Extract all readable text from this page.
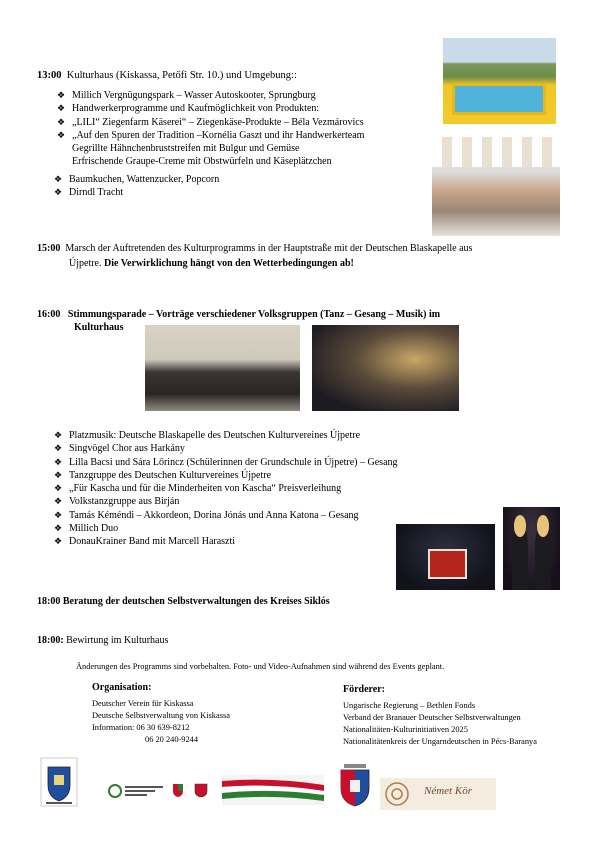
13:00 Kulturhaus (Kiskassa, Petőfi Str. 10.) und Umgebung::
❖ Millich Vergnügungspark – Wasser Autoskooter, Sprungburg
❖ Handwerkerprogramme und Kaufmöglichkeit von Produkten:
❖ „LILI“ Ziegenfarm Käserei“ – Ziegenkäse-Produkte – Béla Vezmárovics
❖ „Auf den Spuren der Tradition –Kornélia Gaszt und ihr Handwerkerteam
Gegrillte Hähnchenbruststreifen mit Bulgur und Gemüse
Erfrischende Graupe-Creme mit Obstwürfeln und Käseplätzchen
❖ Baumkuchen, Wattenzucker, Popcorn
❖ Dirndl Tracht
15:00 Marsch der Auftretenden des Kulturprogramms in der Hauptstraße mit der Deutschen Blaskapelle aus
Újpetre. Die Verwirklichung hängt von den Wetterbedingungen ab!
16:00 Stimmungsparade – Vorträge verschiedener Volksgruppen (Tanz – Gesang – Musik) im
Kulturhaus
❖ Platzmusik: Deutsche Blaskapelle des Deutschen Kulturvereines Újpetre
❖ Singvögel Chor aus Harkány
❖ Lilla Bacsi und Sára Lőrincz (Schülerinnen der Grundschule in Újpetre) – Gesang
❖ Tanzgruppe des Deutschen Kulturvereines Újpetre
❖ „Für Kascha und für die Minderheiten von Kascha“ Preisverleihung
❖ Volkstanzgruppe aus Birján
❖ Tamás Kéméndi – Akkordeon, Dorina Jónás und Anna Katona – Gesang
❖ Millich Duo
❖ DonauKrainer Band mit Marcell Haraszti
18:00 Beratung der deutschen Selbstverwaltungen des Kreises Siklós
18:00: Bewirtung im Kulturhaus
Änderungen des Programms sind vorbehalten. Foto- und Video-Aufnahmen sind während des Events geplant.
Organisation:
Deutscher Verein für Kiskassa
Deutsche Selbstverwaltung von Kiskassa
Information: 06 30 639-8212
06 20 240-9244
Förderer:
Ungarische Regierung – Bethlen Fonds
Verband der Branauer Deutscher Selbstverwaltungen
Nationalitäten-Kulturinitiativen 2025
Nationalitätenkreis der Ungarndeutschen in Pécs-Baranya
Német Kör
